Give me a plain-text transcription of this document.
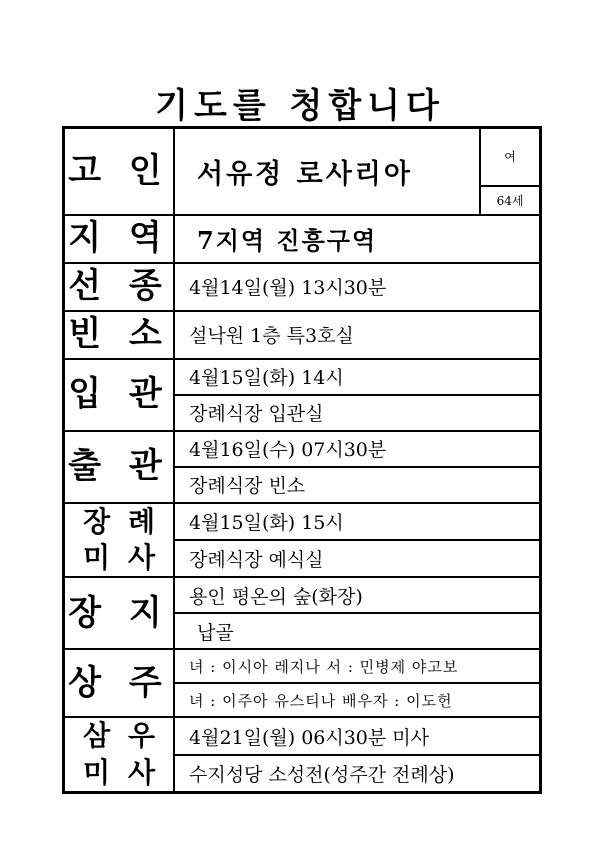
기도를 청합니다
고 인	서유정 로사리아	여
		64세
지 역	7지역 진흥구역	
선 종	4월14일(월) 13시30분	
빈 소	설낙원 1층 특3호실	
입 관	4월15일(화) 14시	
	장례식장 입관실	
출 관	4월16일(수) 07시30분	
	장례식장 빈소	

장 례
미 사	4월15일(화) 15시	
	장례식장 예식실	
장 지	용인 평온의 숲(화장)	
	납골	
상 주	녀 : 이시아 레지나 서 : 민병제 야고보	
	녀 : 이주아 유스티나 배우자 : 이도헌	

삼 우
미 사	4월21일(월) 06시30분 미사	
	수지성당 소성전(성주간 전례상)	
